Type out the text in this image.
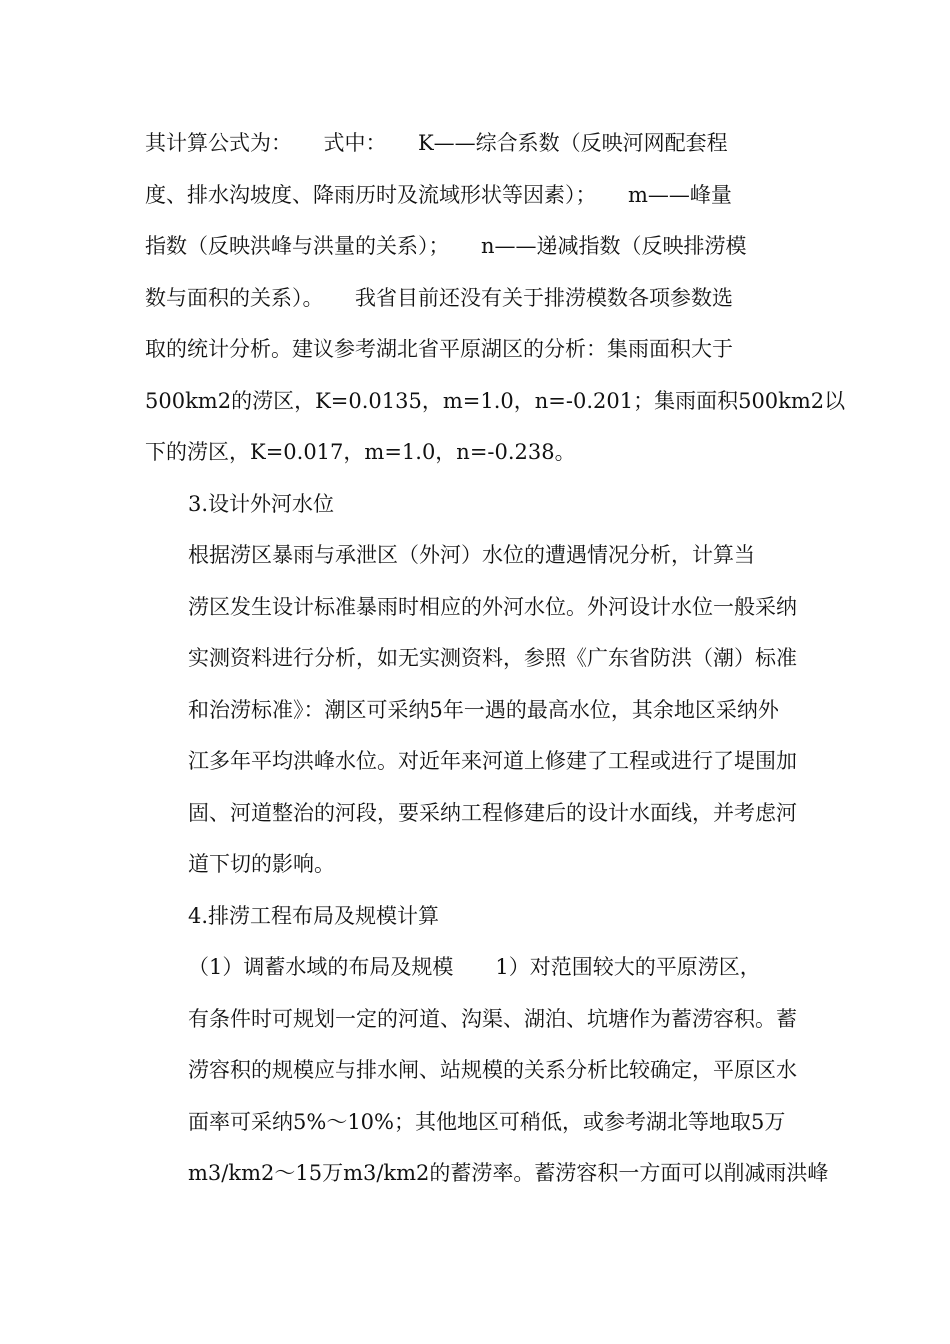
其计算公式为：　　式中：　　K——综合系数（反映河网配套程
度、排水沟坡度、降雨历时及流域形状等因素）；　　m——峰量
指数（反映洪峰与洪量的关系）；　　n——递减指数（反映排涝模
数与面积的关系）。　　我省目前还没有关于排涝模数各项参数选
取的统计分析。建议参考湖北省平原湖区的分析：集雨面积大于
500km2的涝区，K=0.0135，m=1.0，n=-0.201；集雨面积500km2以
下的涝区，K=0.017，m=1.0，n=-0.238。

3.设计外河水位

根据涝区暴雨与承泄区（外河）水位的遭遇情况分析，计算当
涝区发生设计标准暴雨时相应的外河水位。外河设计水位一般采纳
实测资料进行分析，如无实测资料，参照《广东省防洪（潮）标准
和治涝标准》：潮区可采纳5年一遇的最高水位，其余地区采纳外
江多年平均洪峰水位。对近年来河道上修建了工程或进行了堤围加
固、河道整治的河段，要采纳工程修建后的设计水面线，并考虑河
道下切的影响。

4.排涝工程布局及规模计算

（1）调蓄水域的布局及规模　　1）对范围较大的平原涝区，
有条件时可规划一定的河道、沟渠、湖泊、坑塘作为蓄涝容积。蓄
涝容积的规模应与排水闸、站规模的关系分析比较确定，平原区水
面率可采纳5%～10%；其他地区可稍低，或参考湖北等地取5万
m3/km2～15万m3/km2的蓄涝率。蓄涝容积一方面可以削减雨洪峰
